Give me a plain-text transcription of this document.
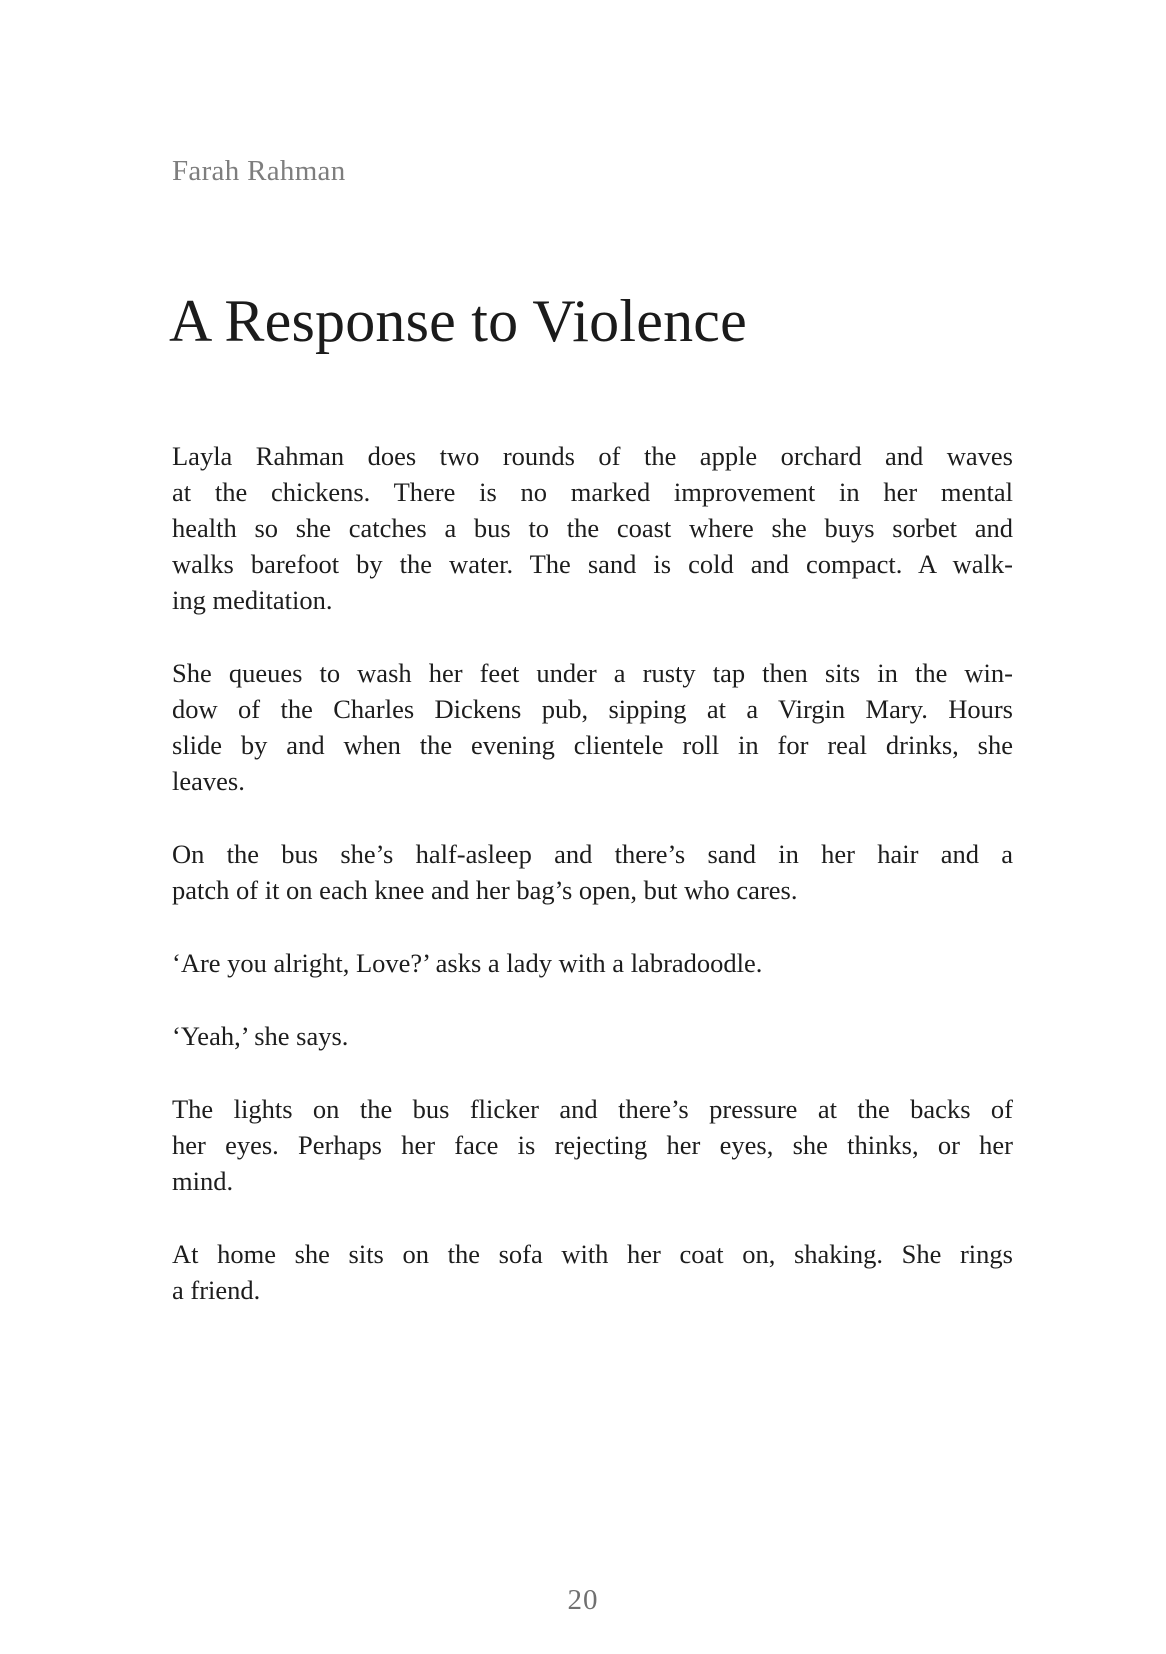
Farah Rahman
A Response to Violence

Layla Rahman does two rounds of the apple orchard and waves
at the chickens. There is no marked improvement in her mental
health so she catches a bus to the coast where she buys sorbet and
walks barefoot by the water. The sand is cold and compact. A walk-
ing meditation.

She queues to wash her feet under a rusty tap then sits in the win-
dow of the Charles Dickens pub, sipping at a Virgin Mary. Hours
slide by and when the evening clientele roll in for real drinks, she
leaves.

On the bus she’s half-asleep and there’s sand in her hair and a
patch of it on each knee and her bag’s open, but who cares.

‘Are you alright, Love?’ asks a lady with a labradoodle.

‘Yeah,’ she says.

The lights on the bus flicker and there’s pressure at the backs of
her eyes. Perhaps her face is rejecting her eyes, she thinks, or her
mind.

At home she sits on the sofa with her coat on, shaking. She rings
a friend.

20
